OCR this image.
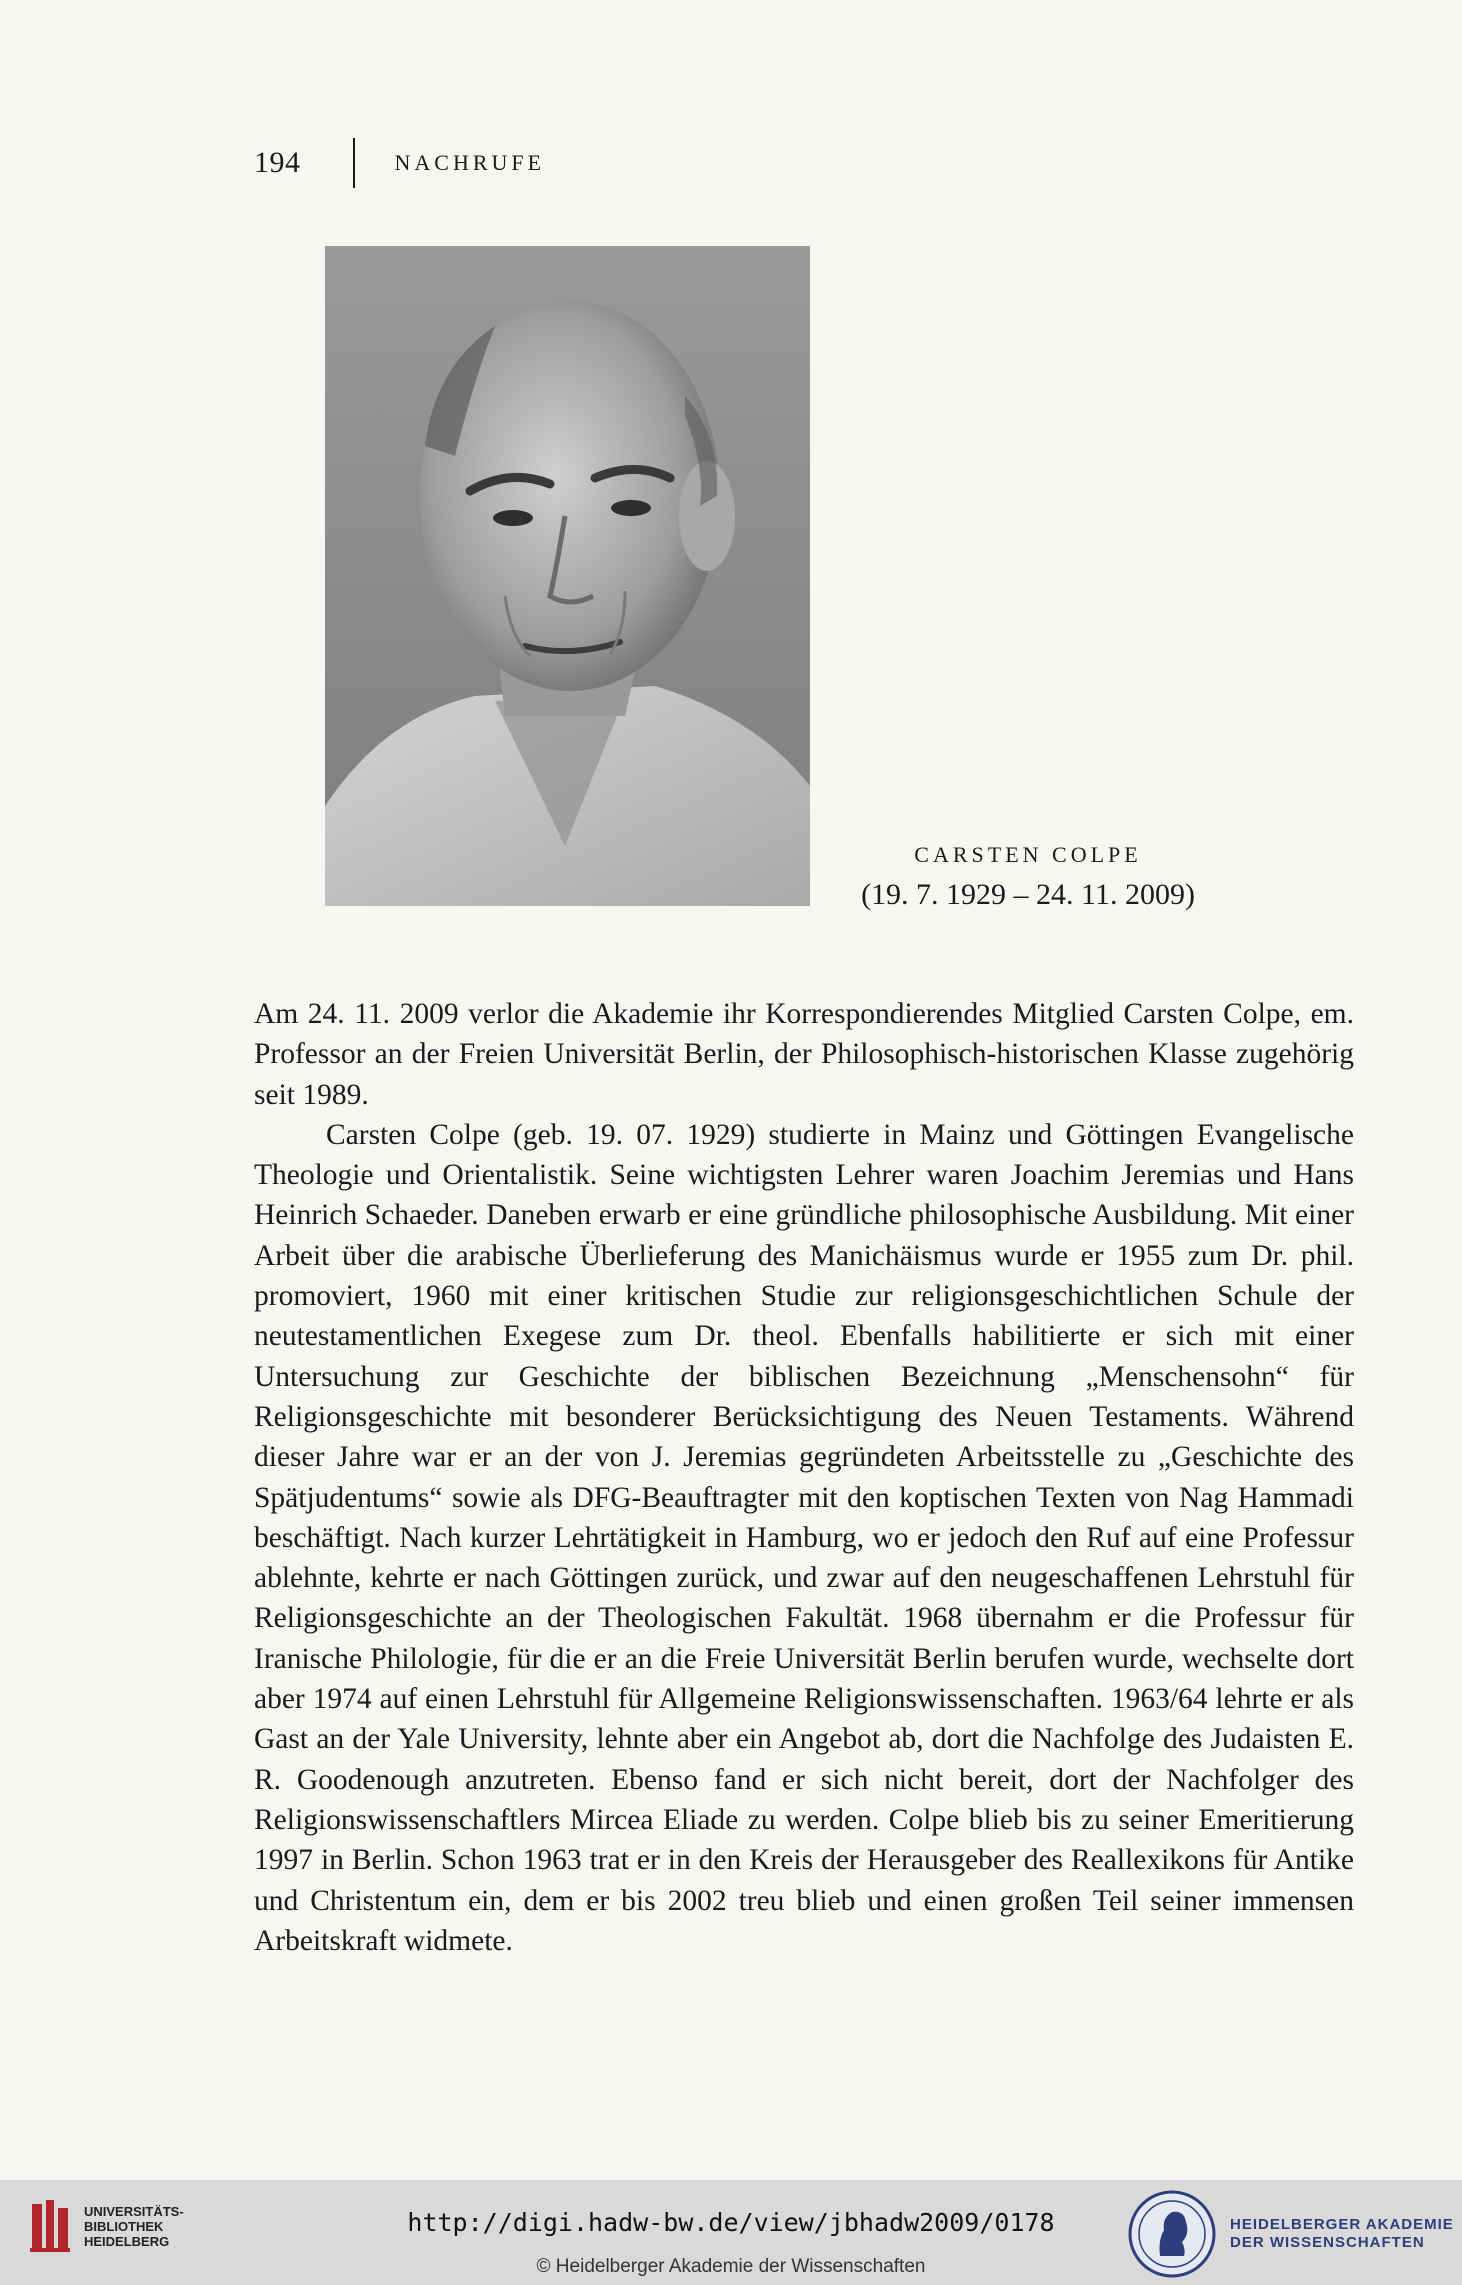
194	NACHRUFE

CARSTEN COLPE

(19. 7. 1929 – 24. 11. 2009)

Am 24. 11. 2009 verlor die Akademie ihr Korrespondierendes Mitglied Carsten Colpe, em. Professor an der Freien Universität Berlin, der Philosophisch-historischen Klasse zugehörig seit 1989.

Carsten Colpe (geb. 19. 07. 1929) studierte in Mainz und Göttingen Evangelische Theologie und Orientalistik. Seine wichtigsten Lehrer waren Joachim Jeremias und Hans Heinrich Schaeder. Daneben erwarb er eine gründliche philosophische Ausbildung. Mit einer Arbeit über die arabische Überlieferung des Manichäismus wurde er 1955 zum Dr. phil. promoviert, 1960 mit einer kritischen Studie zur religionsgeschichtlichen Schule der neutestamentlichen Exegese zum Dr. theol. Ebenfalls habilitierte er sich mit einer Untersuchung zur Geschichte der biblischen Bezeichnung „Menschensohn“ für Religionsgeschichte mit besonderer Berücksichtigung des Neuen Testaments. Während dieser Jahre war er an der von J. Jeremias gegründeten Arbeitsstelle zu „Geschichte des Spätjudentums“ sowie als DFG-Beauftragter mit den koptischen Texten von Nag Hammadi beschäftigt. Nach kurzer Lehrtätigkeit in Hamburg, wo er jedoch den Ruf auf eine Professur ablehnte, kehrte er nach Göttingen zurück, und zwar auf den neugeschaffenen Lehrstuhl für Religionsgeschichte an der Theologischen Fakultät. 1968 übernahm er die Professur für Iranische Philologie, für die er an die Freie Universität Berlin berufen wurde, wechselte dort aber 1974 auf einen Lehrstuhl für Allgemeine Religionswissenschaften. 1963/64 lehrte er als Gast an der Yale University, lehnte aber ein Angebot ab, dort die Nachfolge des Judaisten E. R. Goodenough anzutreten. Ebenso fand er sich nicht bereit, dort der Nachfolger des Religionswissenschaftlers Mircea Eliade zu werden. Colpe blieb bis zu seiner Emeritierung 1997 in Berlin. Schon 1963 trat er in den Kreis der Herausgeber des Reallexikons für Antike und Christentum ein, dem er bis 2002 treu blieb und einen großen Teil seiner immensen Arbeitskraft widmete.

UNIVERSITÄTS-
BIBLIOTHEK
HEIDELBERG
http://digi.hadw-bw.de/view/jbhadw2009/0178
© Heidelberger Akademie der Wissenschaften
HEIDELBERGER AKADEMIE
DER WISSENSCHAFTEN
